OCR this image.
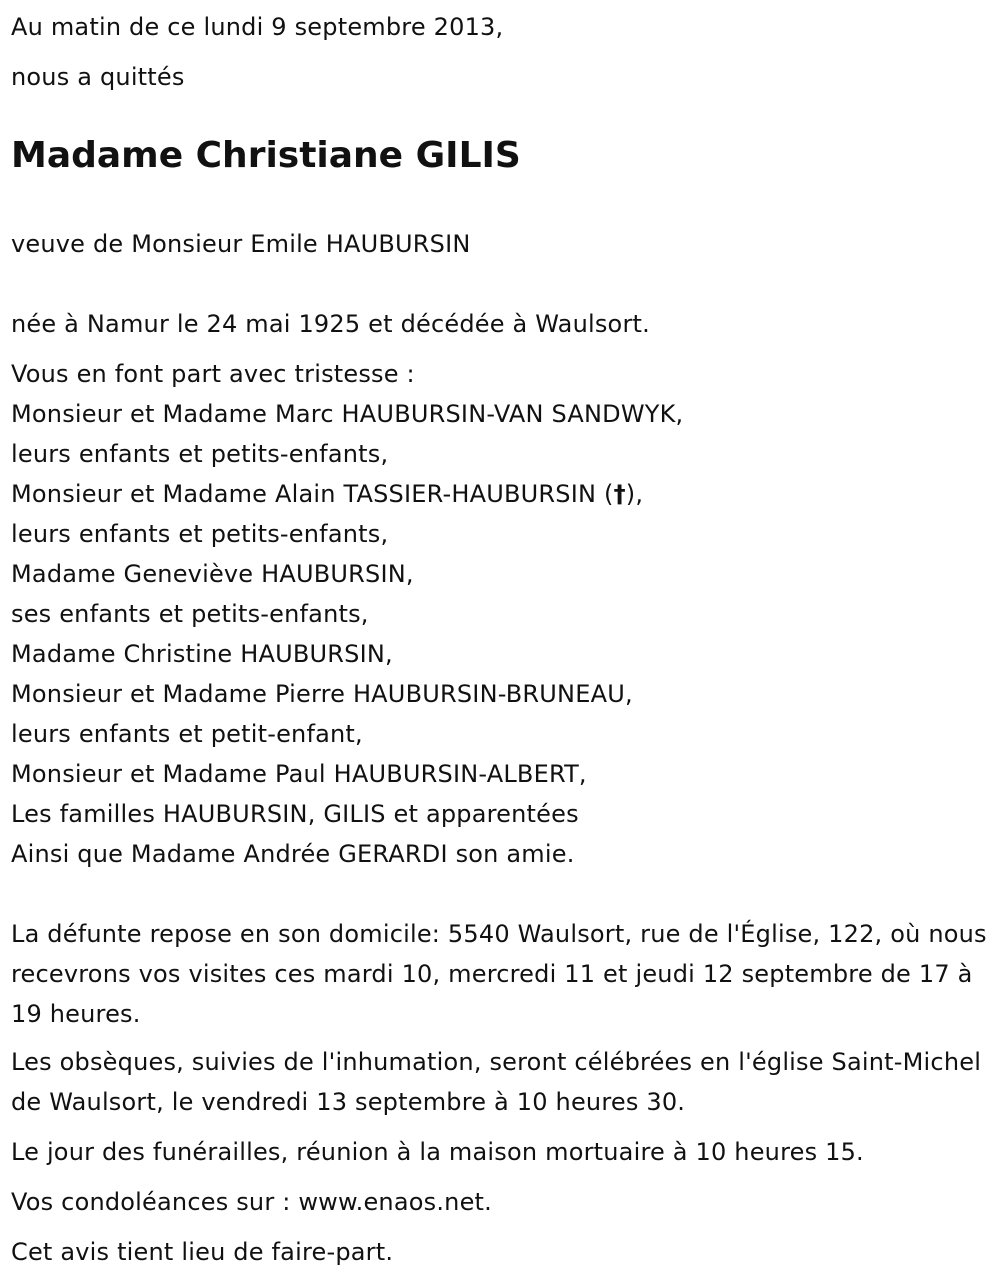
Au matin de ce lundi 9 septembre 2013,
nous a quittés
Madame Christiane GILIS
veuve de Monsieur Emile HAUBURSIN
née à Namur le 24 mai 1925 et décédée à Waulsort.
Vous en font part avec tristesse :
Monsieur et Madame Marc HAUBURSIN-VAN SANDWYK,
leurs enfants et petits-enfants,
Monsieur et Madame Alain TASSIER-HAUBURSIN (†),
leurs enfants et petits-enfants,
Madame Geneviève HAUBURSIN,
ses enfants et petits-enfants,
Madame Christine HAUBURSIN,
Monsieur et Madame Pierre HAUBURSIN-BRUNEAU,
leurs enfants et petit-enfant,
Monsieur et Madame Paul HAUBURSIN-ALBERT,
Les familles HAUBURSIN, GILIS et apparentées
Ainsi que Madame Andrée GERARDI son amie.
La défunte repose en son domicile: 5540 Waulsort, rue de l'Église, 122, où nous recevrons vos visites ces mardi 10, mercredi 11 et jeudi 12 septembre de 17 à 19 heures.
Les obsèques, suivies de l'inhumation, seront célébrées en l'église Saint-Michel de Waulsort, le vendredi 13 septembre à 10 heures 30.
Le jour des funérailles, réunion à la maison mortuaire à 10 heures 15.
Vos condoléances sur : www.enaos.net.
Cet avis tient lieu de faire-part.
